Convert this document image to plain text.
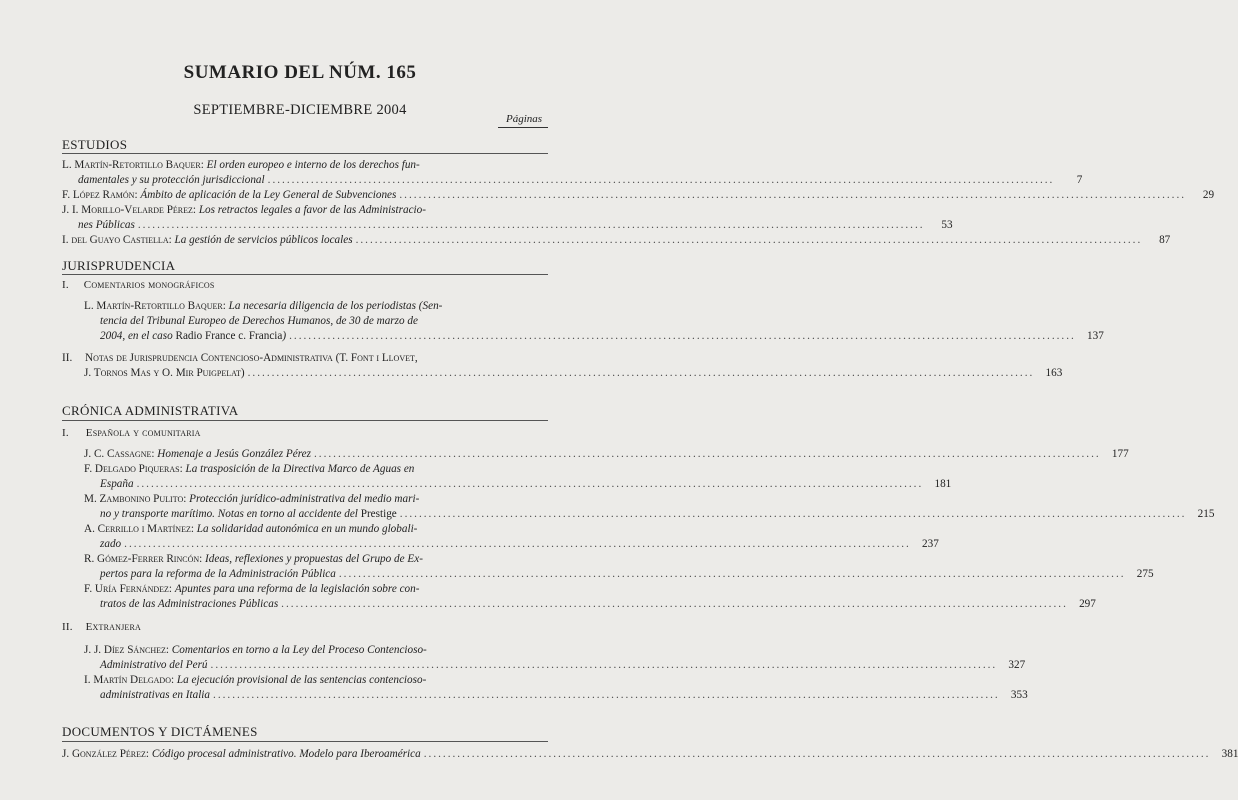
SUMARIO DEL NÚM. 165
SEPTIEMBRE-DICIEMBRE 2004
Páginas
ESTUDIOS
L. Martín-Retortillo Baquer: El orden europeo e interno de los derechos fun-
damentales y su protección jurisdiccional ....................................................................................................................................................................	7
F. López Ramón: Ámbito de aplicación de la Ley General de Subvenciones ....................................................................................................................................................................	29
J. I. Morillo-Velarde Pérez: Los retractos legales a favor de las Administracio-
nes Públicas ....................................................................................................................................................................	53
I. del Guayo Castiella: La gestión de servicios públicos locales ....................................................................................................................................................................	87
JURISPRUDENCIA
I. Comentarios monográficos
L. Martín-Retortillo Baquer: La necesaria diligencia de los periodistas (Sen-
tencia del Tribunal Europeo de Derechos Humanos, de 30 de marzo de
2004, en el caso Radio France c. Francia) ....................................................................................................................................................................	137
II. Notas de Jurisprudencia Contencioso-Administrativa (T. Font i Llovet,
J. Tornos Mas y O. Mir Puigpelat) ....................................................................................................................................................................	163
CRÓNICA ADMINISTRATIVA
I. Española y comunitaria
J. C. Cassagne: Homenaje a Jesús González Pérez ....................................................................................................................................................................	177
F. Delgado Piqueras: La trasposición de la Directiva Marco de Aguas en
España ....................................................................................................................................................................	181
M. Zambonino Pulito: Protección jurídico-administrativa del medio mari-
no y transporte marítimo. Notas en torno al accidente del Prestige ....................................................................................................................................................................	215
A. Cerrillo i Martínez: La solidaridad autonómica en un mundo globali-
zado ....................................................................................................................................................................	237
R. Gómez-Ferrer Rincón: Ideas, reflexiones y propuestas del Grupo de Ex-
pertos para la reforma de la Administración Pública ....................................................................................................................................................................	275
F. Uría Fernández: Apuntes para una reforma de la legislación sobre con-
tratos de las Administraciones Públicas ....................................................................................................................................................................	297
II. Extranjera
J. J. Díez Sánchez: Comentarios en torno a la Ley del Proceso Contencioso-
Administrativo del Perú ....................................................................................................................................................................	327
I. Martín Delgado: La ejecución provisional de las sentencias contencioso-
administrativas en Italia ....................................................................................................................................................................	353
DOCUMENTOS Y DICTÁMENES
J. González Pérez: Código procesal administrativo. Modelo para Iberoamérica ....................................................................................................................................................................	381
